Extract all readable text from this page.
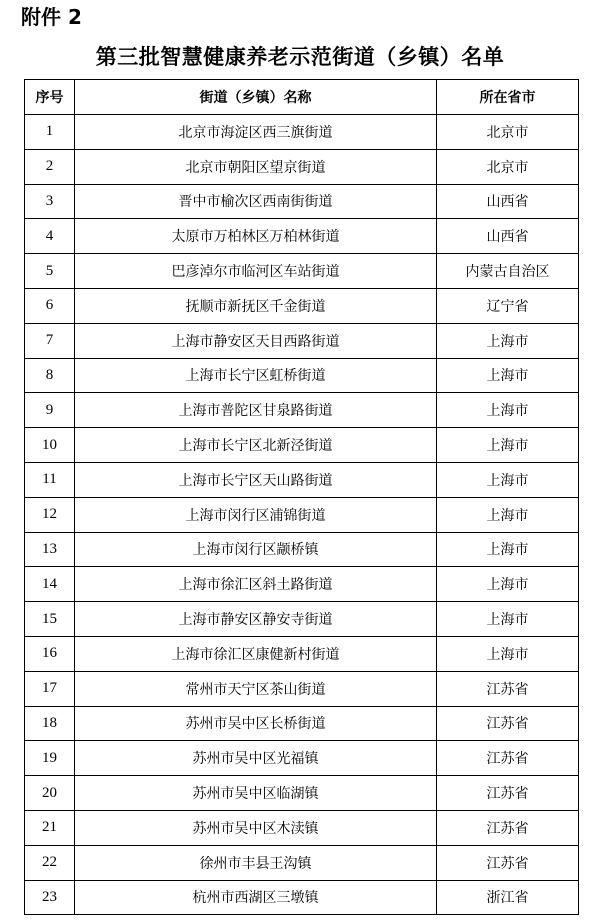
附件 2
第三批智慧健康养老示范街道（乡镇）名单
序号	街道（乡镇）名称	所在省市
1	北京市海淀区西三旗街道	北京市
2	北京市朝阳区望京街道	北京市
3	晋中市榆次区西南街街道	山西省
4	太原市万柏林区万柏林街道	山西省
5	巴彦淖尔市临河区车站街道	内蒙古自治区
6	抚顺市新抚区千金街道	辽宁省
7	上海市静安区天目西路街道	上海市
8	上海市长宁区虹桥街道	上海市
9	上海市普陀区甘泉路街道	上海市
10	上海市长宁区北新泾街道	上海市
11	上海市长宁区天山路街道	上海市
12	上海市闵行区浦锦街道	上海市
13	上海市闵行区颛桥镇	上海市
14	上海市徐汇区斜土路街道	上海市
15	上海市静安区静安寺街道	上海市
16	上海市徐汇区康健新村街道	上海市
17	常州市天宁区茶山街道	江苏省
18	苏州市吴中区长桥街道	江苏省
19	苏州市吴中区光福镇	江苏省
20	苏州市吴中区临湖镇	江苏省
21	苏州市吴中区木渎镇	江苏省
22	徐州市丰县王沟镇	江苏省
23	杭州市西湖区三墩镇	浙江省
